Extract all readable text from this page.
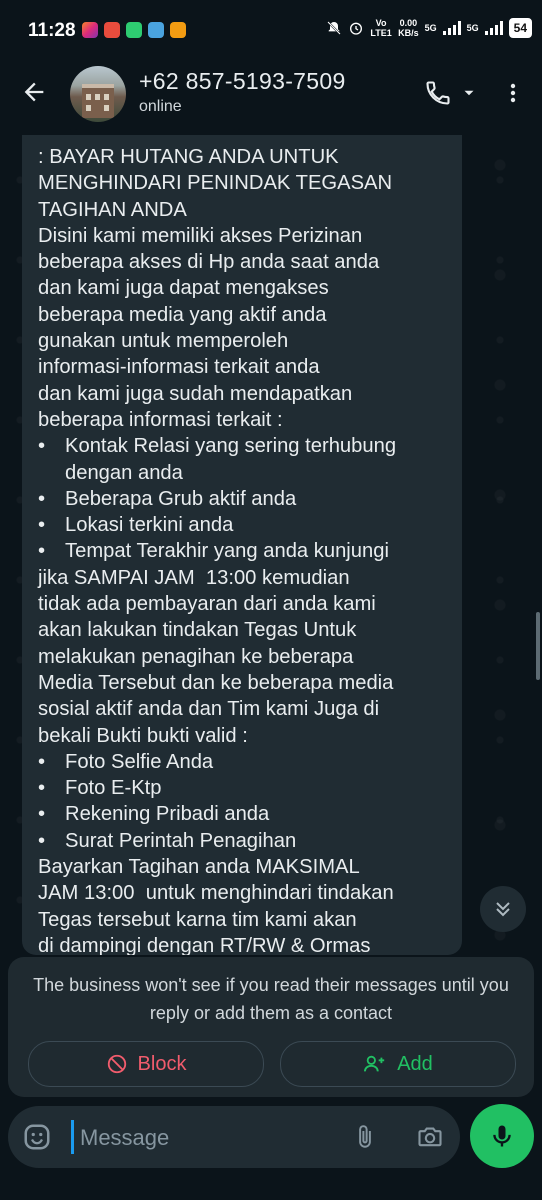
11:28	Vo LTE1
0.00
KB/s 5G	5G	54
+62 857-5193-7509
online
: BAYAR HUTANG ANDA UNTUK
MENGHINDARI PENINDAK TEGASAN
TAGIHAN ANDA
Disini kami memiliki akses Perizinan
beberapa akses di Hp anda saat anda
dan kami juga dapat mengakses
beberapa media yang aktif anda
gunakan untuk memperoleh
informasi-informasi terkait anda
dan kami juga sudah mendapatkan
beberapa informasi terkait :
• Kontak Relasi yang sering terhubung
dengan anda
• Beberapa Grub aktif anda
• Lokasi terkini anda
• Tempat Terakhir yang anda kunjungi
jika SAMPAI JAM  13:00 kemudian
tidak ada pembayaran dari anda kami
akan lakukan tindakan Tegas Untuk
melakukan penagihan ke beberapa
Media Tersebut dan ke beberapa media
sosial aktif anda dan Tim kami Juga di
bekali Bukti bukti valid :
• Foto Selfie Anda
• Foto E-Ktp
• Rekening Pribadi anda
• Surat Perintah Penagihan
Bayarkan Tagihan anda MAKSIMAL
JAM 13:00  untuk menghindari tindakan
Tegas tersebut karna tim kami akan
di dampingi dengan RT/RW & Ormas
The business won't see if you read their messages until you reply or add them as a contact
Block	Add
Message
